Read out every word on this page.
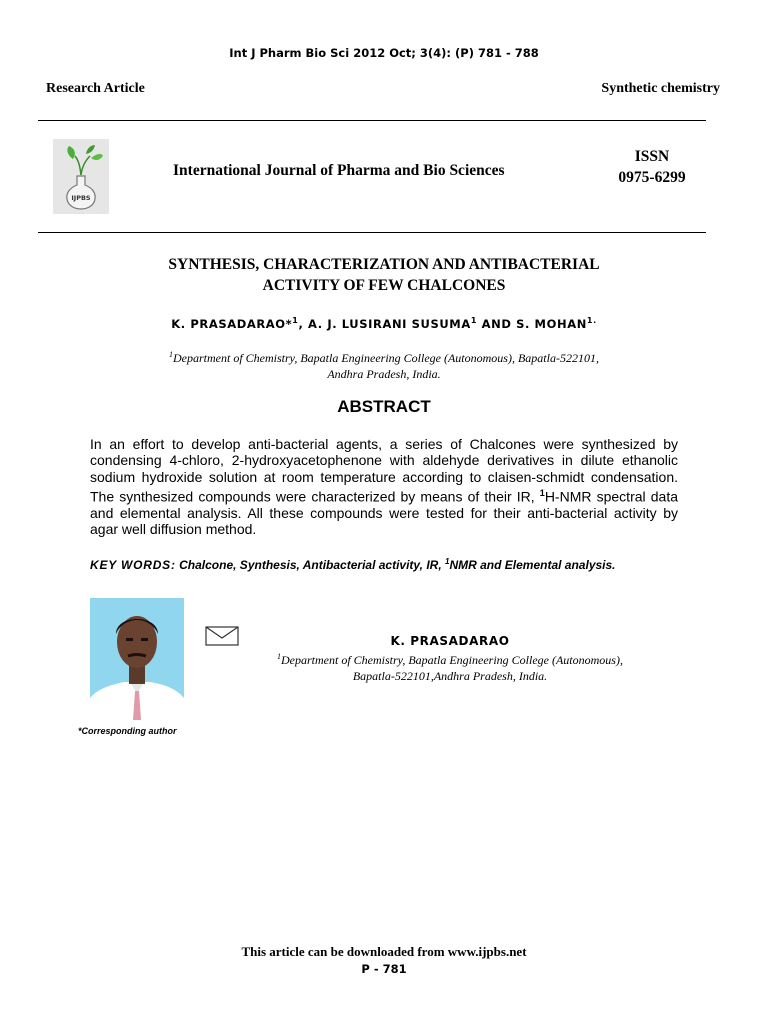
Int J Pharm Bio Sci 2012 Oct; 3(4): (P) 781 - 788
Research Article	Synthetic chemistry
IJPBS
International Journal of Pharma and Bio Sciences
ISSN
0975-6299
SYNTHESIS, CHARACTERIZATION AND ANTIBACTERIAL
ACTIVITY OF FEW CHALCONES
K. PRASADARAO*$^1$, A. J. LUSIRANI SUSUMA$^1$ AND S. $MOHAN^{1.}$
$^1$Department of Chemistry, Bapatla Engineering College (Autonomous), Bapatla-522101,
Andhra Pradesh, India.
ABSTRACT
In an effort to develop anti-bacterial agents, a series of Chalcones were synthesized by condensing 4-chloro, 2-hydroxyacetophenone with aldehyde derivatives in dilute ethanolic sodium hydroxide solution at room temperature according to claisen-schmidt condensation. The synthesized compounds were characterized by means of their IR, $^1$H-NMR spectral data and elemental analysis. All these compounds were tested for their anti-bacterial activity by agar well diffusion method.
KEY WORDS: Chalcone, Synthesis, Antibacterial activity, IR, $^1$NMR and Elemental analysis.
*Corresponding author
K. PRASADARAO
$^1$Department of Chemistry, Bapatla Engineering College (Autonomous),
Bapatla-522101,Andhra Pradesh, India.
This article can be downloaded from www.ijpbs.net
P - 781
